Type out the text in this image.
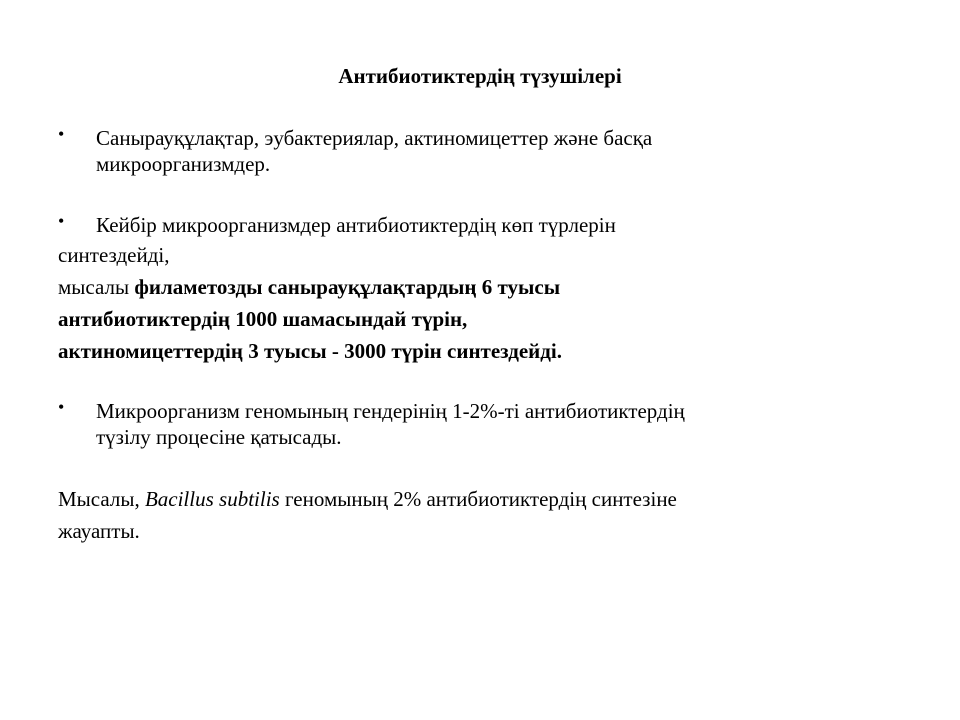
Антибиотиктердің түзушілері
• Санырауқұлақтар, эубактериялар, актиномицеттер және басқа
микроорганизмдер.
• Кейбір микроорганизмдер антибиотиктердің көп түрлерін
синтездейді,
мысалы филаметозды санырауқұлақтардың 6 туысы
антибиотиктердің 1000 шамасындай түрін,
актиномицеттердің 3 туысы - 3000 түрін синтездейді.
• Микроорганизм геномының гендерінің 1-2%-ті антибиотиктердің
түзілу процесіне қатысады.
Мысалы, Bacillus subtilis геномының 2% антибиотиктердің синтезіне
жауапты.
